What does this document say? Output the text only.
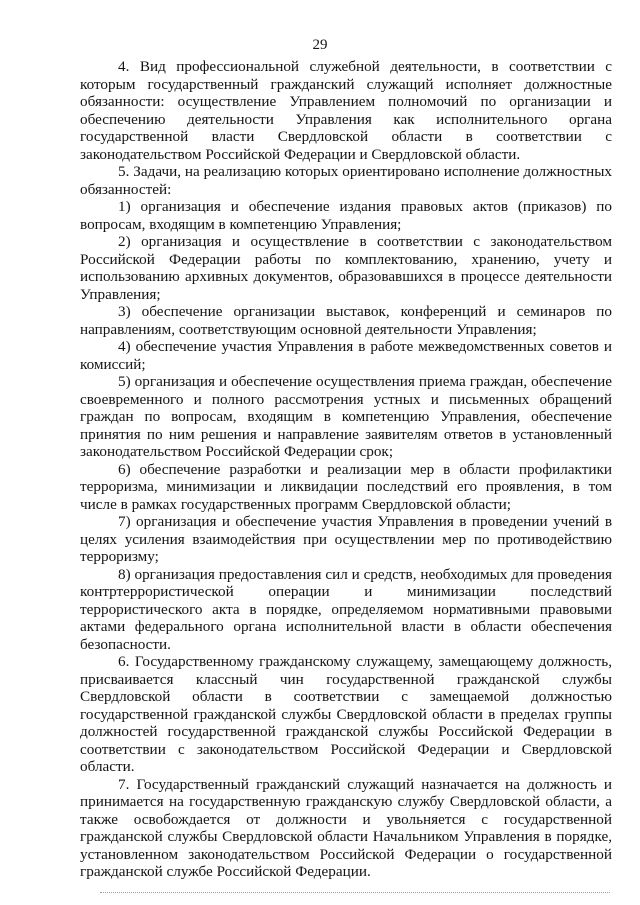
29

4. Вид профессиональной служебной деятельности, в соответствии с которым государственный гражданский служащий исполняет должностные обязанности: осуществление Управлением полномочий по организации и обеспечению деятельности Управления как исполнительного органа государственной власти Свердловской области в соответствии с законодательством Российской Федерации и Свердловской области.

5. Задачи, на реализацию которых ориентировано исполнение должностных обязанностей:

1) организация и обеспечение издания правовых актов (приказов) по вопросам, входящим в компетенцию Управления;

2) организация и осуществление в соответствии с законодательством Российской Федерации работы по комплектованию, хранению, учету и использованию архивных документов, образовавшихся в процессе деятельности Управления;

3) обеспечение организации выставок, конференций и семинаров по направлениям, соответствующим основной деятельности Управления;

4) обеспечение участия Управления в работе межведомственных советов и комиссий;

5) организация и обеспечение осуществления приема граждан, обеспечение своевременного и полного рассмотрения устных и письменных обращений граждан по вопросам, входящим в компетенцию Управления, обеспечение принятия по ним решения и направление заявителям ответов в установленный законодательством Российской Федерации срок;

6) обеспечение разработки и реализации мер в области профилактики терроризма, минимизации и ликвидации последствий его проявления, в том числе в рамках государственных программ Свердловской области;

7) организация и обеспечение участия Управления в проведении учений в целях усиления взаимодействия при осуществлении мер по противодействию терроризму;

8) организация предоставления сил и средств, необходимых для проведения контртеррористической операции и минимизации последствий террористического акта в порядке, определяемом нормативными правовыми актами федерального органа исполнительной власти в области обеспечения безопасности.

6. Государственному гражданскому служащему, замещающему должность, присваивается классный чин государственной гражданской службы Свердловской области в соответствии с замещаемой должностью государственной гражданской службы Свердловской области в пределах группы должностей государственной гражданской службы Российской Федерации в соответствии с законодательством Российской Федерации и Свердловской области.

7. Государственный гражданский служащий назначается на должность и принимается на государственную гражданскую службу Свердловской области, а также освобождается от должности и увольняется с государственной гражданской службы Свердловской области Начальником Управления в порядке, установленном законодательством Российской Федерации о государственной гражданской службе Российской Федерации.
